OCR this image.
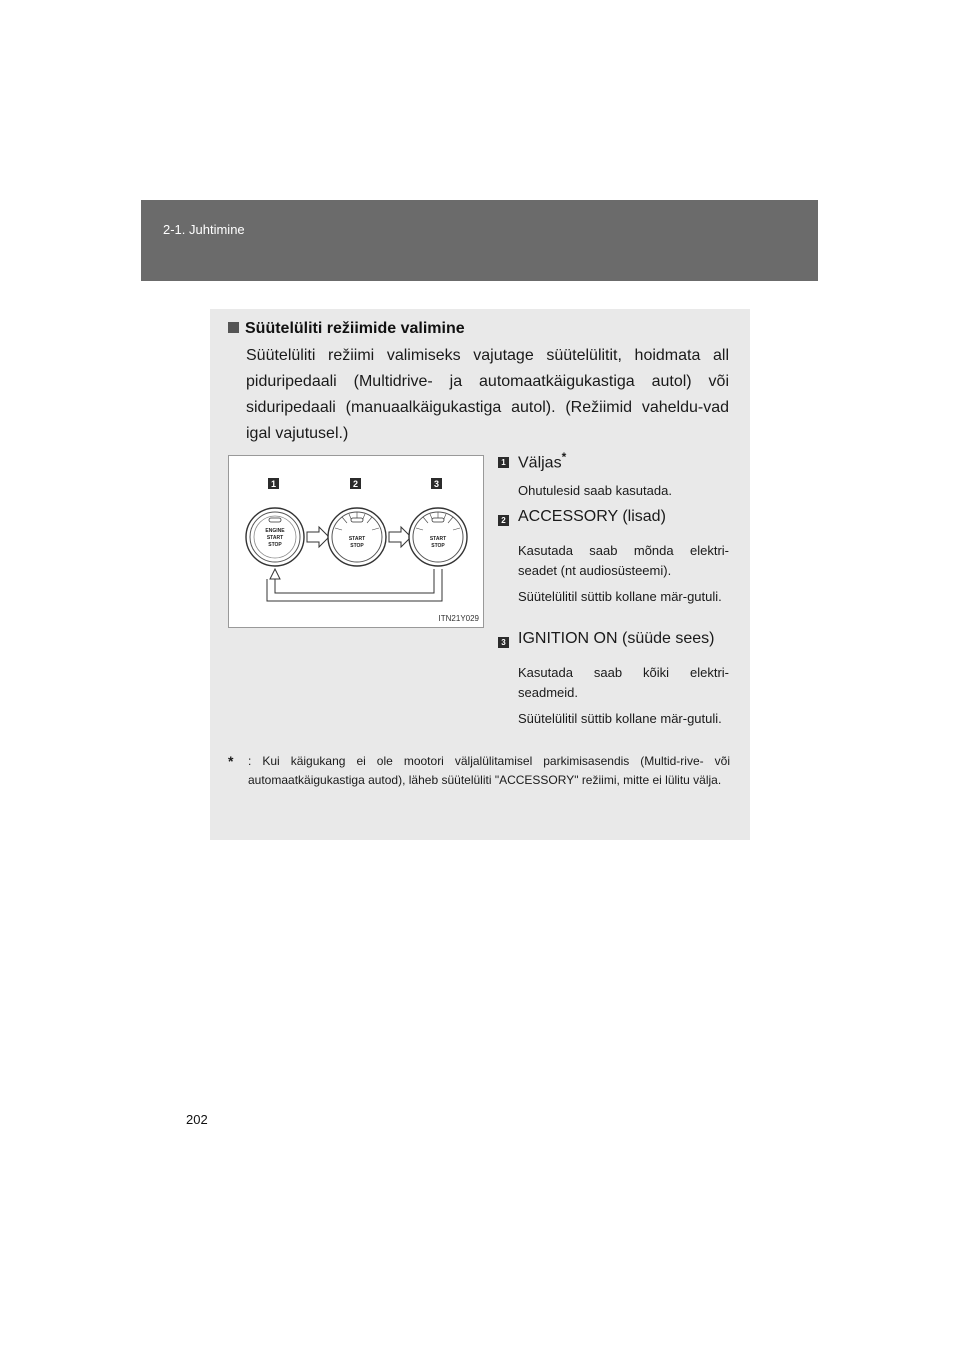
2-1. Juhtimine
Süütelüliti režiimide valimine
Süütelüliti režiimi valimiseks vajutage süütelülitit, hoidmata all piduripedaali (Multidrive- ja automaatkäigukastiga autol) või siduripedaali (manuaalkäigukastiga autol). (Režiimid vaheldu-vad igal vajutusel.)
1	2	3
ENGINE
START
STOP
START
STOP
START
STOP
ITN21Y029
1 Väljas*
Ohutulesid saab kasutada.
2 ACCESSORY (lisad)
Kasutada saab mõnda elektri-seadet (nt audiosüsteemi).
Süütelülitil süttib kollane mär-gutuli.
3 IGNITION ON (süüde sees)
Kasutada saab kõiki elektri-seadmeid.
Süütelülitil süttib kollane mär-gutuli.
*	: Kui käigukang ei ole mootori väljalülitamisel parkimisasendis (Multid-rive- või automaatkäigukastiga autod), läheb süütelüliti "ACCESSORY" režiimi, mitte ei lülitu välja.
202
